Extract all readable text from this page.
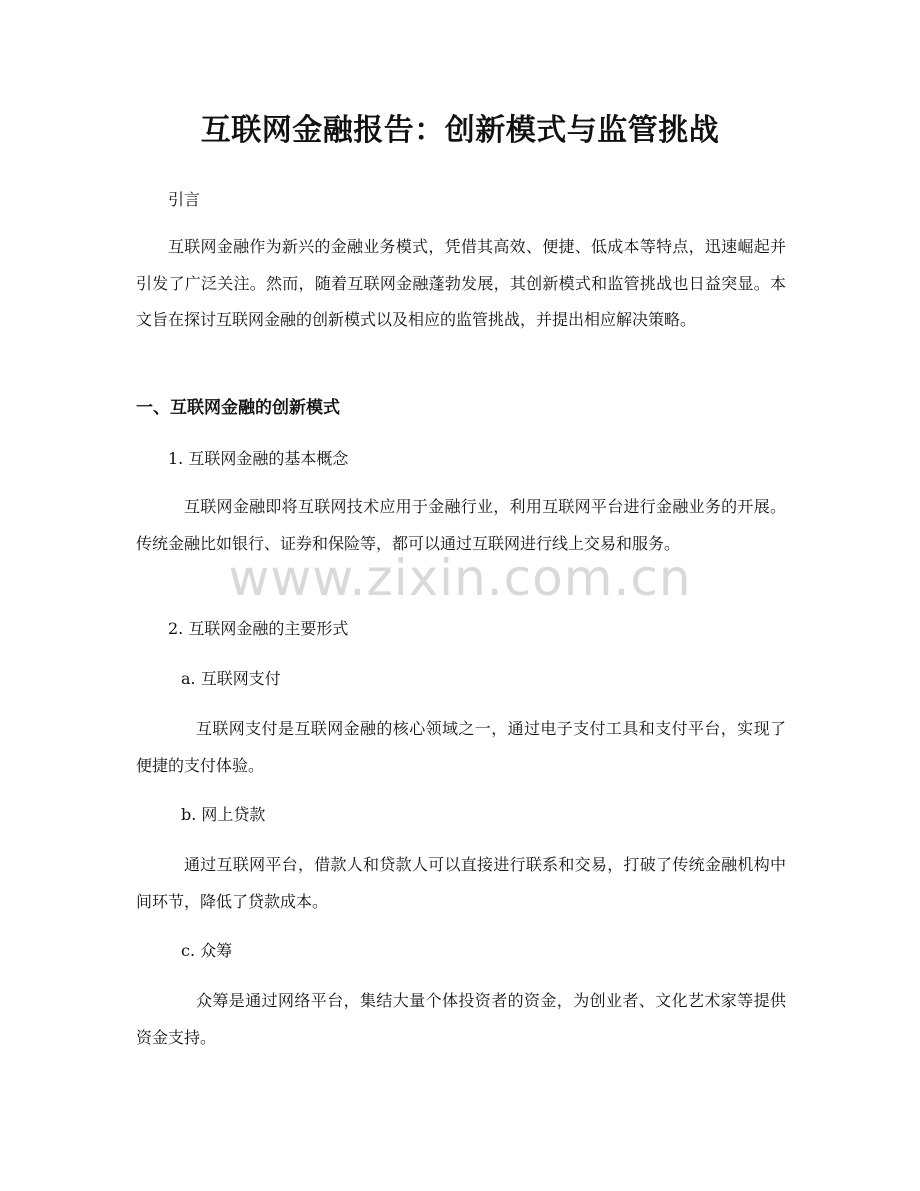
互联网金融报告：创新模式与监管挑战
引言
互联网金融作为新兴的金融业务模式，凭借其高效、便捷、低成本等特点，迅速崛起并引发了广泛关注。然而，随着互联网金融蓬勃发展，其创新模式和监管挑战也日益突显。本文旨在探讨互联网金融的创新模式以及相应的监管挑战，并提出相应解决策略。
一、互联网金融的创新模式
1. 互联网金融的基本概念
互联网金融即将互联网技术应用于金融行业，利用互联网平台进行金融业务的开展。传统金融比如银行、证券和保险等，都可以通过互联网进行线上交易和服务。
2. 互联网金融的主要形式
a. 互联网支付
互联网支付是互联网金融的核心领域之一，通过电子支付工具和支付平台，实现了便捷的支付体验。
b. 网上贷款
通过互联网平台，借款人和贷款人可以直接进行联系和交易，打破了传统金融机构中间环节，降低了贷款成本。
c. 众筹
众筹是通过网络平台，集结大量个体投资者的资金，为创业者、文化艺术家等提供资金支持。
www.zixin.com.cn
